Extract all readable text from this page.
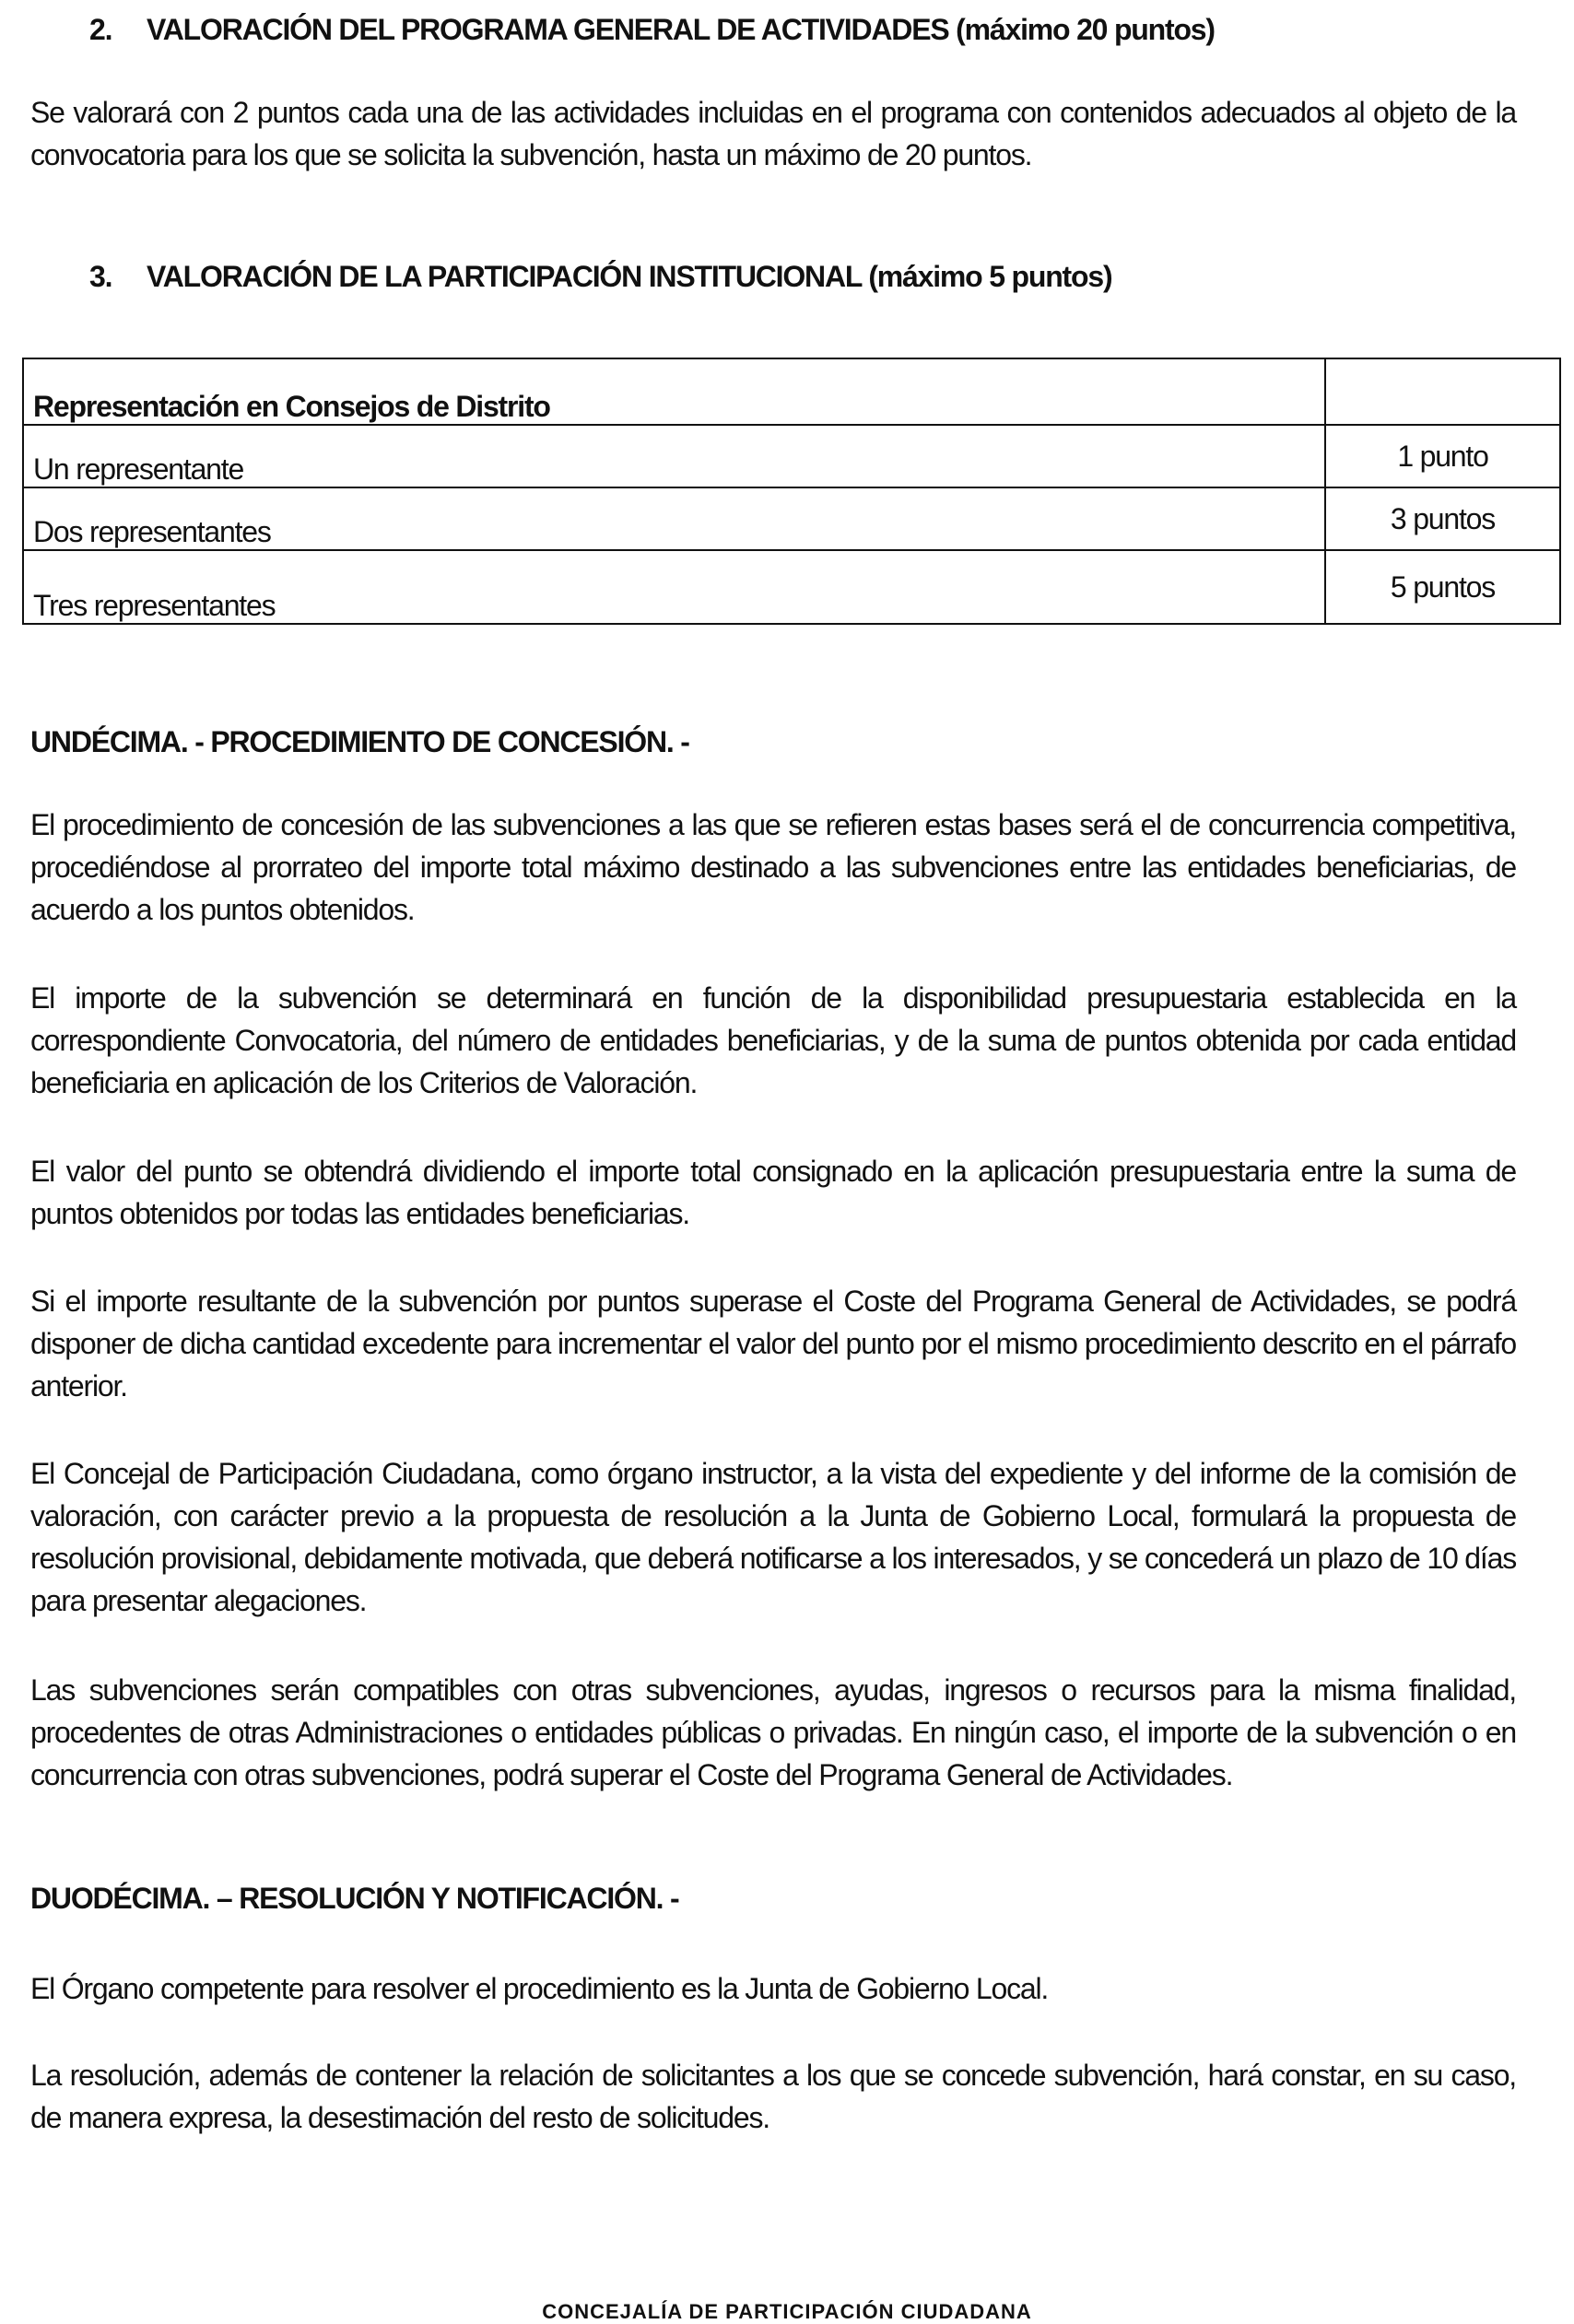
2. VALORACIÓN DEL PROGRAMA GENERAL DE ACTIVIDADES (máximo 20 puntos)

Se valorará con 2 puntos cada una de las actividades incluidas en el programa con contenidos adecuados al objeto de la convocatoria para los que se solicita la subvención, hasta un máximo de 20 puntos.

3. VALORACIÓN DE LA PARTICIPACIÓN INSTITUCIONAL (máximo 5 puntos)

Representación en Consejos de Distrito	
Un representante	1 punto
Dos representantes	3 puntos
Tres representantes	5 puntos

UNDÉCIMA. - PROCEDIMIENTO DE CONCESIÓN. -

El procedimiento de concesión de las subvenciones a las que se refieren estas bases será el de concurrencia competitiva, procediéndose al prorrateo del importe total máximo destinado a las subvenciones entre las entidades beneficiarias, de acuerdo a los puntos obtenidos.

El importe de la subvención se determinará en función de la disponibilidad presupuestaria establecida en la correspondiente Convocatoria, del número de entidades beneficiarias, y de la suma de puntos obtenida por cada entidad beneficiaria en aplicación de los Criterios de Valoración.

El valor del punto se obtendrá dividiendo el importe total consignado en la aplicación presupuestaria entre la suma de puntos obtenidos por todas las entidades beneficiarias.

Si el importe resultante de la subvención por puntos superase el Coste del Programa General de Actividades, se podrá disponer de dicha cantidad excedente para incrementar el valor del punto por el mismo procedimiento descrito en el párrafo anterior.

El Concejal de Participación Ciudadana, como órgano instructor, a la vista del expediente y del informe de la comisión de valoración, con carácter previo a la propuesta de resolución a la Junta de Gobierno Local, formulará la propuesta de resolución provisional, debidamente motivada, que deberá notificarse a los interesados, y se concederá un plazo de 10 días para presentar alegaciones.

Las subvenciones serán compatibles con otras subvenciones, ayudas, ingresos o recursos para la misma finalidad, procedentes de otras Administraciones o entidades públicas o privadas. En ningún caso, el importe de la subvención o en concurrencia con otras subvenciones, podrá superar el Coste del Programa General de Actividades.

DUODÉCIMA. – RESOLUCIÓN Y NOTIFICACIÓN. -

El Órgano competente para resolver el procedimiento es la Junta de Gobierno Local.

La resolución, además de contener la relación de solicitantes a los que se concede subvención, hará constar, en su caso, de manera expresa, la desestimación del resto de solicitudes.

CONCEJALÍA DE PARTICIPACIÓN CIUDADANA
